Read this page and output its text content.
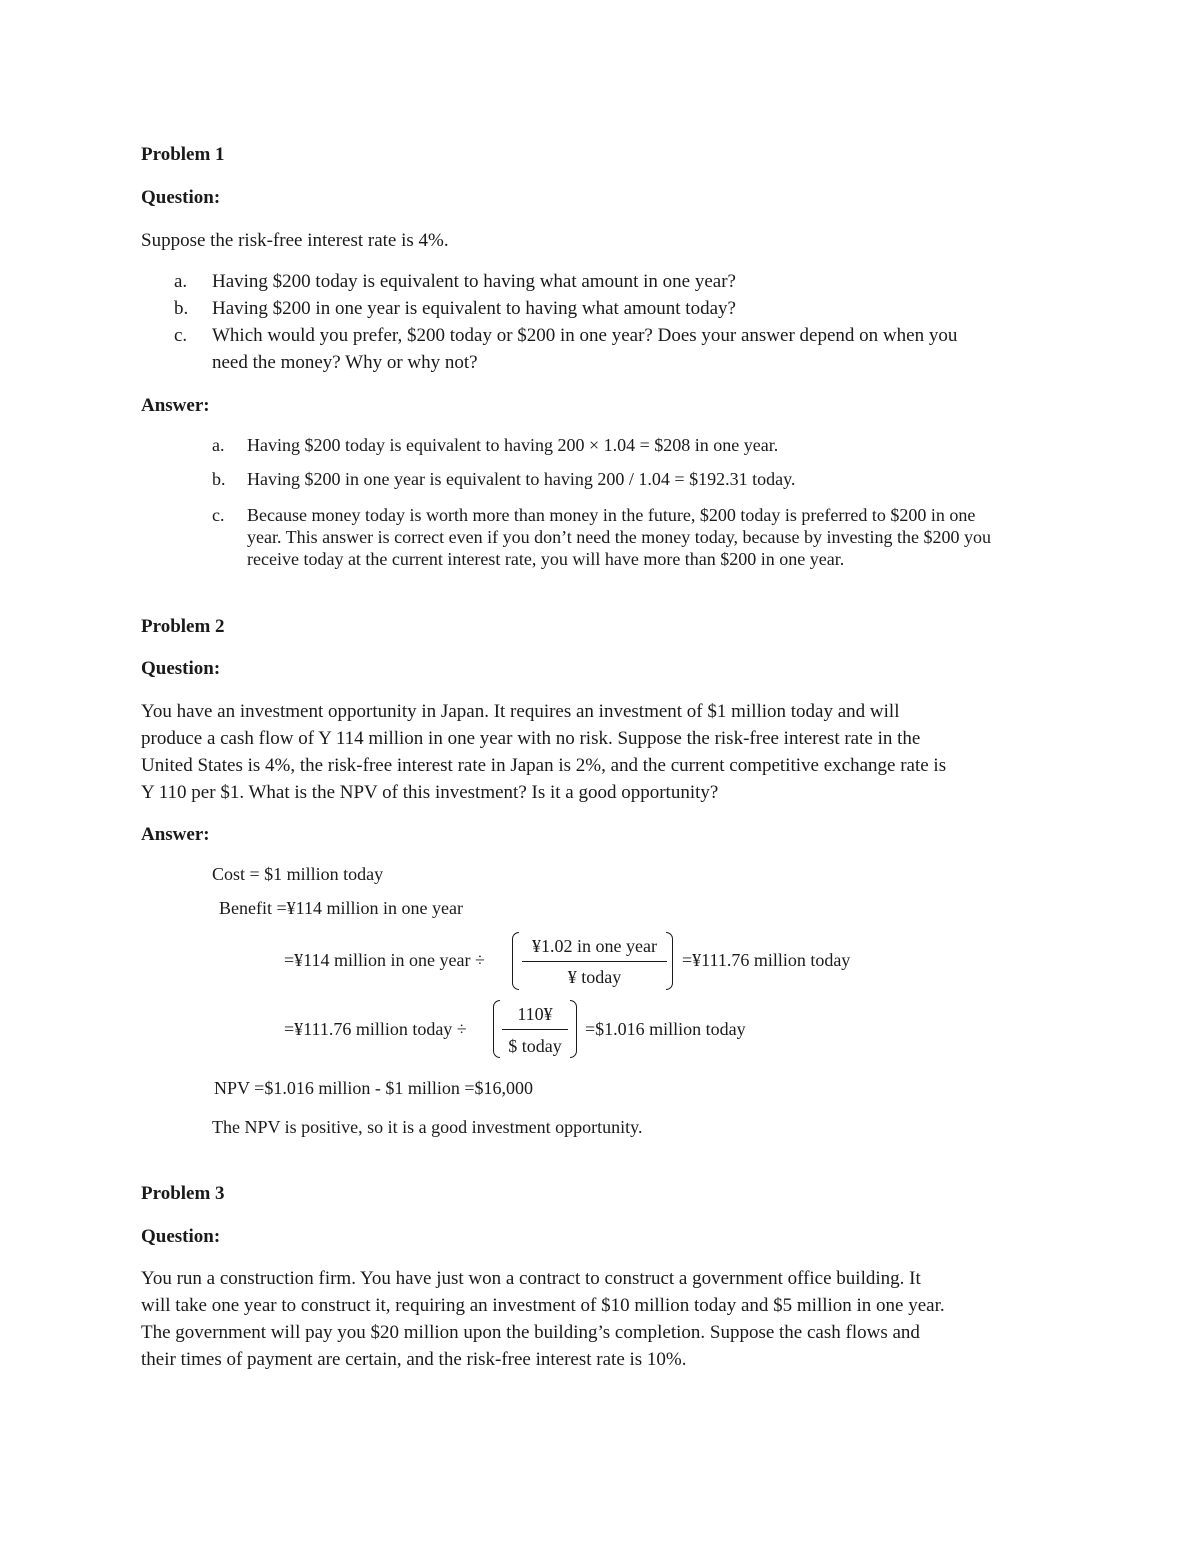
Problem 1
Question:
Suppose the risk-free interest rate is 4%.
a. Having $200 today is equivalent to having what amount in one year?
b. Having $200 in one year is equivalent to having what amount today?
c. Which would you prefer, $200 today or $200 in one year? Does your answer depend on when you
need the money? Why or why not?
Answer:
a. Having $200 today is equivalent to having 200 × 1.04 = $208 in one year.
b. Having $200 in one year is equivalent to having 200 / 1.04 = $192.31 today.
c. Because money today is worth more than money in the future, $200 today is preferred to $200 in one
year. This answer is correct even if you don’t need the money today, because by investing the $200 you
receive today at the current interest rate, you will have more than $200 in one year.
Problem 2
Question:
You have an investment opportunity in Japan. It requires an investment of $1 million today and will
produce a cash flow of Y 114 million in one year with no risk. Suppose the risk-free interest rate in the
United States is 4%, the risk-free interest rate in Japan is 2%, and the current competitive exchange rate is
Y 110 per $1. What is the NPV of this investment? Is it a good opportunity?
Answer:
Cost = $1 million today
Benefit =¥114 million in one year
=¥114 million in one year ÷
¥1.02 in one year
¥ today
=¥111.76 million today
=¥111.76 million today ÷
110¥
$ today
=$1.016 million today
NPV =$1.016 million - $1 million =$16,000
The NPV is positive, so it is a good investment opportunity.
Problem 3
Question:
You run a construction firm. You have just won a contract to construct a government office building. It
will take one year to construct it, requiring an investment of $10 million today and $5 million in one year.
The government will pay you $20 million upon the building’s completion. Suppose the cash flows and
their times of payment are certain, and the risk-free interest rate is 10%.
